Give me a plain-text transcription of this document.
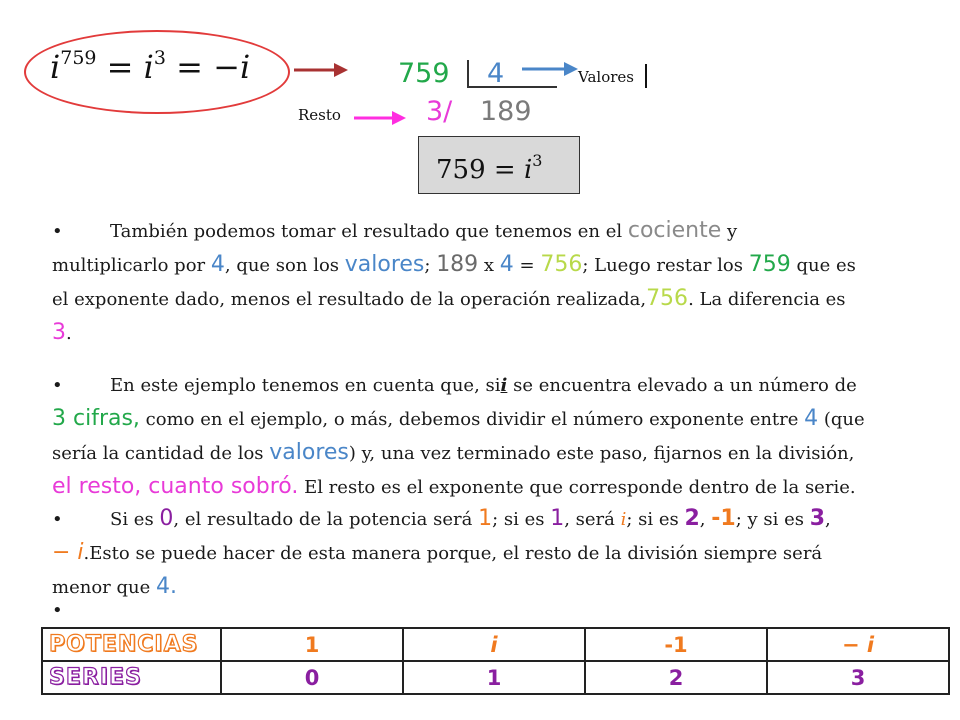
$i^{759} = i^3 = -i$	759 4	Valores
Resto	3/ 189
$759 = i^3$
•	También podemos tomar el resultado que tenemos en el cociente y
multiplicarlo por 4, que son los valores; 189 x 4 = 756; Luego restar los 759 que es
el exponente dado, menos el resultado de la operación realizada,756. La diferencia es
3.
•	En este ejemplo tenemos en cuenta que, sii se encuentra elevado a un número de
3 cifras, como en el ejemplo, o más, debemos dividir el número exponente entre 4 (que
sería la cantidad de los valores) y, una vez terminado este paso, fijarnos en la división,
el resto, cuanto sobró. El resto es el exponente que corresponde dentro de la serie.
•	Si es 0, el resultado de la potencia será 1; si es 1, será i; si es 2, -1; y si es 3,
− i.Esto se puede hacer de esta manera porque, el resto de la división siempre será
menor que 4.
•
POTENCIAS	1	i	-1	− i
SERIES	0	1	2	3
